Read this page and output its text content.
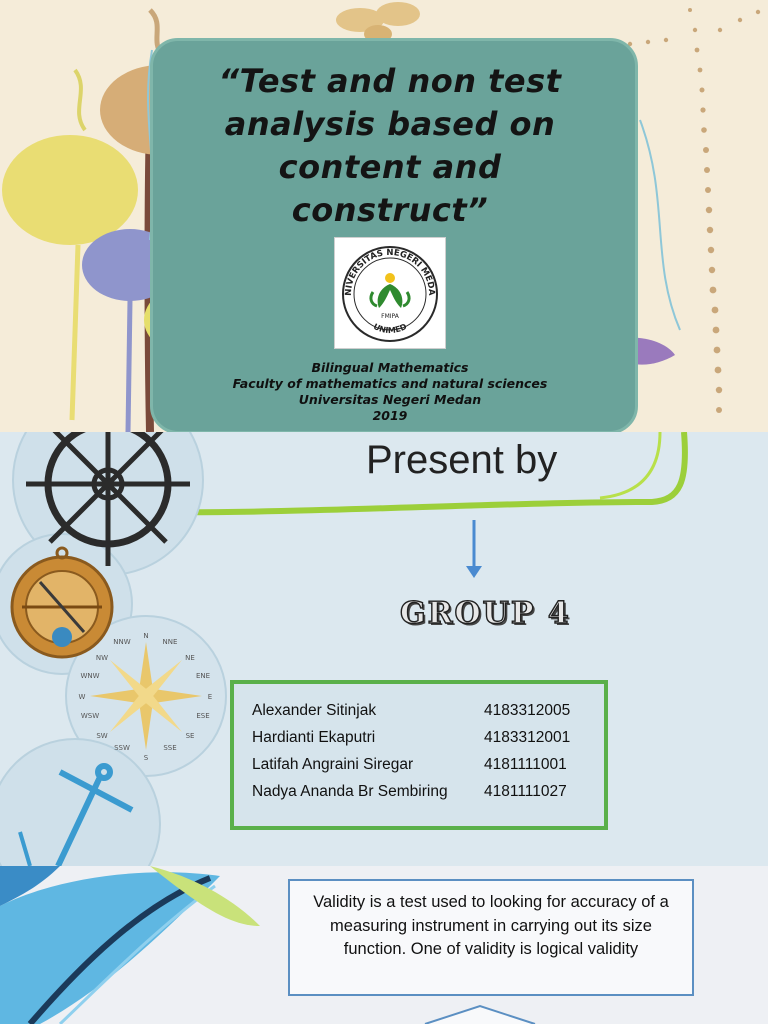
“Test and non test analysis based on content and construct”
NIVERSITAS NEGERI MEDA
UNIMED
FMIPA
Bilingual Mathematics
Faculty of mathematics and natural sciences
Universitas Negeri Medan
2019
N
NNE
NE
ENE
E
ESE
SE
SSE
S
SSW
SW
WSW
W
WNW
NW
NNW
Present by
GROUP 4
Alexander Sitinjak	4183312005
Hardianti Ekaputri	4183312001
Latifah Angraini Siregar	4181111001
Nadya Ananda Br Sembiring	4181111027
Validity is a test used to looking for accuracy of a measuring instrument in carrying out its size function. One of validity is logical validity
